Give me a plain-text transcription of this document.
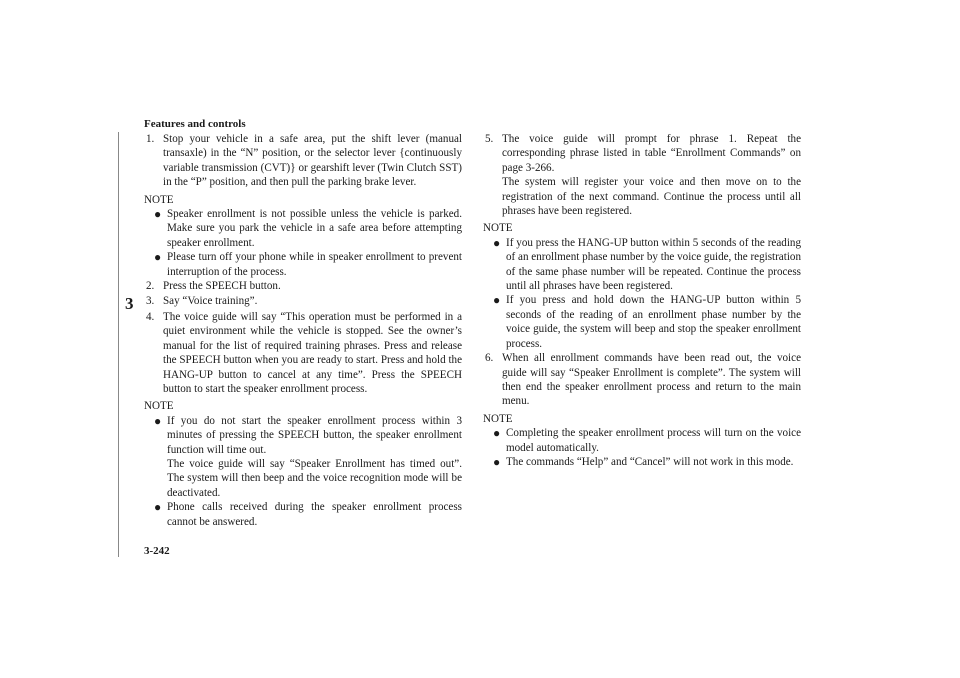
Features and controls
3
3-242
1. Stop your vehicle in a safe area, put the shift lever (manual transaxle) in the “N” position, or the selector lever {continuously variable transmission (CVT)} or gearshift lever (Twin Clutch SST) in the “P” position, and then pull the parking brake lever.
NOTE
● Speaker enrollment is not possible unless the vehicle is parked. Make sure you park the vehicle in a safe area before attempting speaker enrollment.
● Please turn off your phone while in speaker enrollment to prevent interruption of the process.
2. Press the SPEECH button.
3. Say “Voice training”.
4. The voice guide will say “This operation must be performed in a quiet environment while the vehicle is stopped. See the owner’s manual for the list of required training phrases. Press and release the SPEECH button when you are ready to start. Press and hold the HANG-UP button to cancel at any time”. Press the SPEECH button to start the speaker enrollment process.
NOTE
● If you do not start the speaker enrollment process within 3 minutes of pressing the SPEECH button, the speaker enrollment function will time out.
The voice guide will say “Speaker Enrollment has timed out”. The system will then beep and the voice recognition mode will be deactivated.
● Phone calls received during the speaker enrollment process cannot be answered.
5. The voice guide will prompt for phrase 1. Repeat the corresponding phrase listed in table “Enrollment Commands” on page 3-266.
The system will register your voice and then move on to the registration of the next command. Continue the process until all phrases have been registered.
NOTE
● If you press the HANG-UP button within 5 seconds of the reading of an enrollment phase number by the voice guide, the registration of the same phase number will be repeated. Continue the process until all phrases have been registered.
● If you press and hold down the HANG-UP button within 5 seconds of the reading of an enrollment phase number by the voice guide, the system will beep and stop the speaker enrollment process.
6. When all enrollment commands have been read out, the voice guide will say “Speaker Enrollment is complete”. The system will then end the speaker enrollment process and return to the main menu.
NOTE
● Completing the speaker enrollment process will turn on the voice model automatically.
● The commands “Help” and “Cancel” will not work in this mode.
